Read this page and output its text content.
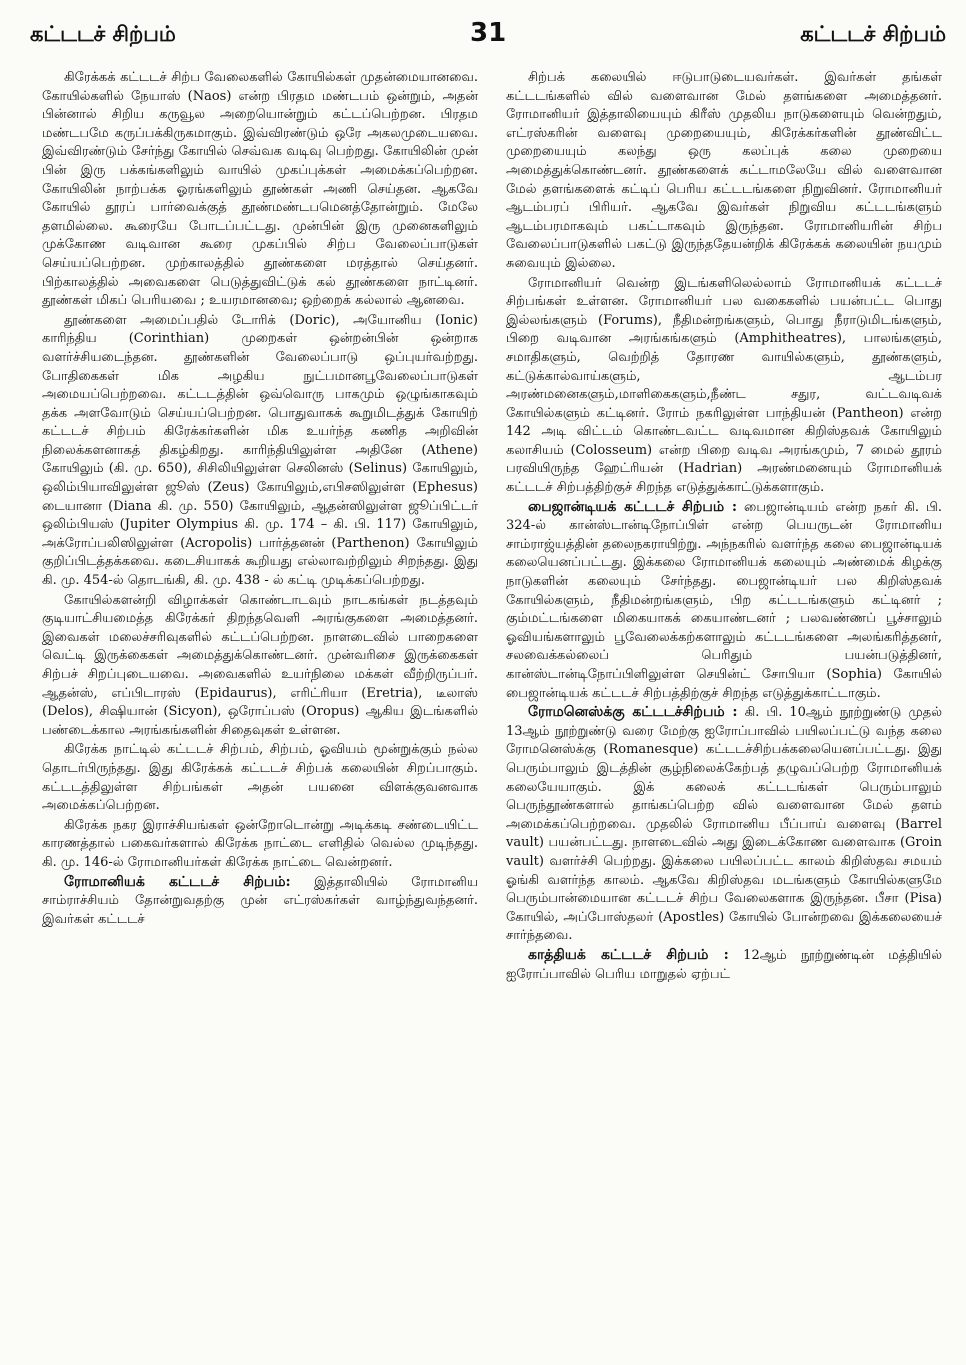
கட்டடச் சிற்பம்	31	கட்டடச் சிற்பம்

கிரேக்கக் கட்டடச் சிற்ப வேலைகளில் கோயில்கள் முதன்மையானவை. கோயில்களில் நேயாஸ் (Naos) என்ற பிரதம மண்டபம் ஒன்றும், அதன் பின்னால் சிறிய கருவூல அறையொன்றும் கட்டப்பெற்றன. பிரதம மண்டபமே கருப்பக்கிருகமாகும். இவ்விரண்டும் ஒரே அகலமுடையவை. இவ்விரண்டும் சேர்ந்து கோயில் செவ்வக வடிவு பெற்றது. கோயிலின் முன் பின் இரு பக்கங்களிலும் வாயில் முகப்புக்கள் அமைக்கப்பெற்றன. கோயிலின் நாற்பக்க ஓரங்களிலும் தூண்கள் அணி செய்தன. ஆகவே கோயில் தூரப் பார்வைக்குத் தூண்மண்டபமெனத்தோன்றும். மேலே தளமில்லை. கூரையே போடப்பட்டது. முன்பின் இரு முனைகளிலும் முக்கோண வடிவான கூரை முகப்பில் சிற்ப வேலைப்பாடுகள் செய்யப்பெற்றன. முற்காலத்தில் தூண்களை மரத்தால் செய்தனர். பிற்காலத்தில் அவைகளை பெடுத்துவிட்டுக் கல் தூண்களை நாட்டினர். தூண்கள் மிகப் பெரியவை ; உயரமானவை; ஒற்றைக் கல்லால் ஆனவை.

தூண்களை அமைப்பதில் டோரிக் (Doric), அயோனிய (Ionic) காரிந்திய (Corinthian) முறைகள் ஒன்றன்பின் ஒன்றாக வளர்ச்சியடைந்தன. தூண்களின் வேலைப்பாடு ஒப்புயர்வற்றது. போதிகைகள் மிக அழகிய நுட்பமானபூவேலைப்பாடுகள் அமையப்பெற்றவை. கட்டடத்தின் ஒவ்வொரு பாகமும் ஒழுங்காகவும் தக்க அளவோடும் செய்யப்பெற்றன. பொதுவாகக் கூறுமிடத்துக் கோயிற் கட்டடச் சிற்பம் கிரேக்கர்களின் மிக உயர்ந்த கணித அறிவின் நிலைக்களனாகத் திகழ்கிறது. காரிந்தியிலுள்ள அதினே (Athene) கோயிலும் (கி. மு. 650), சிசிலியிலுள்ள செலினஸ் (Selinus) கோயிலும், ஒலிம்பியாவிலுள்ள ஜூஸ் (Zeus) கோயிலும்,எபிசஸிலுள்ள (Ephesus) டையானா (Diana கி. மு. 550) கோயிலும், ஆதன்ஸிலுள்ள ஜூப்பிட்டர் ஒலிம்பியஸ் (Jupiter Olympius கி. மு. 174 – கி. பி. 117) கோயிலும், அக்ரோப்பலிஸிலுள்ள (Acropolis) பார்த்தனன் (Parthenon) கோயிலும் குறிப்பிடத்தக்கவை. கடைசியாகக் கூறியது எல்லாவற்றிலும் சிறந்தது. இது கி. மு. 454-ல் தொடங்கி, கி. மு. 438 - ல் கட்டி முடிக்கப்பெற்றது.

கோயில்களன்றி விழாக்கள் கொண்டாடவும் நாடகங்கள் நடத்தவும் குடியாட்சியமைத்த கிரேக்கர் திறந்தவெளி அரங்குகளை அமைத்தனர். இவைகள் மலைச்சரிவுகளில் கட்டப்பெற்றன. நாளடைவில் பாறைகளை வெட்டி இருக்கைகள் அமைத்துக்கொண்டனர். முன்வரிசை இருக்கைகள் சிற்பச் சிறப்புடையவை. அவைகளில் உயர்நிலை மக்கள் வீற்றிருப்பர். ஆதன்ஸ், எப்பிடாரஸ் (Epidaurus), எரிட்ரியா (Eretria), டீலாஸ் (Delos), சிஷியான் (Sicyon), ஒரோப்பஸ் (Oropus) ஆகிய இடங்களில் பண்டைக்கால அரங்கங்களின் சிதைவுகள் உள்ளன.

கிரேக்க நாட்டில் கட்டடச் சிற்பம், சிற்பம், ஓவியம் மூன்றுக்கும் நல்ல தொடர்பிருந்தது. இது கிரேக்கக் கட்டடச் சிற்பக் கலையின் சிறப்பாகும். கட்டடத்திலுள்ள சிற்பங்கள் அதன் பயனை விளக்குவனவாக அமைக்கப்பெற்றன.

கிரேக்க நகர இராச்சியங்கள் ஒன்றோடொன்று அடிக்கடி சண்டையிட்ட காரணத்தால் பகைவர்களால் கிரேக்க நாட்டை எளிதில் வெல்ல முடிந்தது. கி. மு. 146-ல் ரோமானியர்கள் கிரேக்க நாட்டை வென்றனர்.

ரோமானியக் கட்டடச் சிற்பம்: இத்தாலியில் ரோமானிய சாம்ராச்சியம் தோன்றுவதற்கு முன் எட்ரஸ்கர்கள் வாழ்ந்துவந்தனர். இவர்கள் கட்டடச்

சிற்பக் கலையில் ஈடுபாடுடையவர்கள். இவர்கள் தங்கள் கட்டடங்களில் வில் வளைவான மேல் தளங்களை அமைத்தனர். ரோமானியர் இத்தாலியையும் கிரீஸ் முதலிய நாடுகளையும் வென்றதும், எட்ரஸ்கரின் வளைவு முறையையும், கிரேக்கர்களின் தூண்விட்ட முறையையும் கலந்து ஒரு கலப்புக் கலை முறையை அமைத்துக்கொண்டனர். தூண்களைக் கட்டாமலேயே வில் வளைவான மேல் தளங்களைக் கட்டிப் பெரிய கட்டடங்களை நிறுவினர். ரோமானியர் ஆடம்பரப் பிரியர். ஆகவே இவர்கள் நிறுவிய கட்டடங்களும் ஆடம்பரமாகவும் பகட்டாகவும் இருந்தன. ரோமானியரின் சிற்ப வேலைப்பாடுகளில் பகட்டு இருந்ததேயன்றிக் கிரேக்கக் கலையின் நயமும் சுவையும் இல்லை.

ரோமானியர் வென்ற இடங்களிலெல்லாம் ரோமானியக் கட்டடச் சிற்பங்கள் உள்ளன. ரோமானியர் பல வகைகளில் பயன்பட்ட பொது இல்லங்களும் (Forums), நீதிமன்றங்களும், பொது நீராடுமிடங்களும், பிறை வடிவான அரங்கங்களும் (Amphitheatres), பாலங்களும், சமாதிகளும், வெற்றித் தோரண வாயில்களும், தூண்களும், கட்டுக்கால்வாய்களும், ஆடம்பர அரண்மனைகளும்,மாளிகைகளும்,நீண்ட சதுர, வட்டவடிவக் கோயில்களும் கட்டினர். ரோம் நகரிலுள்ள பாந்தியன் (Pantheon) என்ற 142 அடி விட்டம் கொண்டவட்ட வடிவமான கிறிஸ்தவக் கோயிலும் கலாசியம் (Colosseum) என்ற பிறை வடிவ அரங்கமும், 7 மைல் தூரம் பரவியிருந்த ஹேட்ரியன் (Hadrian) அரண்மனையும் ரோமானியக் கட்டடச் சிற்பத்திற்குச் சிறந்த எடுத்துக்காட்டுக்களாகும்.

பைஜான்டியக் கட்டடச் சிற்பம் : பைஜான்டியம் என்ற நகர் கி. பி. 324-ல் கான்ஸ்டான்டிநோப்பிள் என்ற பெயருடன் ரோமானிய சாம்ராஜ்யத்தின் தலைநகராயிற்று. அந்நகரில் வளர்ந்த கலை பைஜான்டியக் கலையெனப்பட்டது. இக்கலை ரோமானியக் கலையும் அண்மைக் கிழக்கு நாடுகளின் கலையும் சேர்ந்தது. பைஜான்டியர் பல கிறிஸ்தவக் கோயில்களும், நீதிமன்றங்களும், பிற கட்டடங்களும் கட்டினர் ; கும்மட்டங்களை மிகையாகக் கையாண்டனர் ; பலவண்ணப் பூச்சாலும் ஓவியங்களாலும் பூவேலைக்கற்களாலும் கட்டடங்களை அலங்கரித்தனர், சலவைக்கல்லைப் பெரிதும் பயன்படுத்தினர், கான்ஸ்டான்டிநோப்பிளிலுள்ள செயின்ட் சோபியா (Sophia) கோயில் பைஜான்டியக் கட்டடச் சிற்பத்திற்குச் சிறந்த எடுத்துக்காட்டாகும்.

ரோமனெஸ்க்கு கட்டடச்சிற்பம் : கி. பி. 10ஆம் நூற்றுண்டு முதல் 13ஆம் நூற்றுண்டு வரை மேற்கு ஐரோப்பாவில் பயிலப்பட்டு வந்த கலை ரோமனெஸ்க்கு (Romanesque) கட்டடச்சிற்பக்கலையெனப்பட்டது. இது பெரும்பாலும் இடத்தின் சூழ்நிலைக்கேற்பத் தழுவப்பெற்ற ரோமானியக் கலையேயாகும். இக் கலைக் கட்டடங்கள் பெரும்பாலும் பெருந்தூண்களால் தாங்கப்பெற்ற வில் வளைவான மேல் தளம் அமைக்கப்பெற்றவை. முதலில் ரோமானிய பீப்பாய் வளைவு (Barrel vault) பயன்பட்டது. நாளடைவில் அது இடைக்கோண வளைவாக (Groin vault) வளர்ச்சி பெற்றது. இக்கலை பயிலப்பட்ட காலம் கிறிஸ்தவ சமயம் ஓங்கி வளர்ந்த காலம். ஆகவே கிறிஸ்தவ மடங்களும் கோயில்களுமே பெரும்பான்மையான கட்டடச் சிற்ப வேலைகளாக இருந்தன. பீசா (Pisa) கோயில், அப்போஸ்தலர் (Apostles) கோயில் போன்றவை இக்கலையைச் சார்ந்தவை.

காத்தியக் கட்டடச் சிற்பம் : 12ஆம் நூற்றுண்டின் மத்தியில் ஐரோப்பாவில் பெரிய மாறுதல் ஏற்பட்
